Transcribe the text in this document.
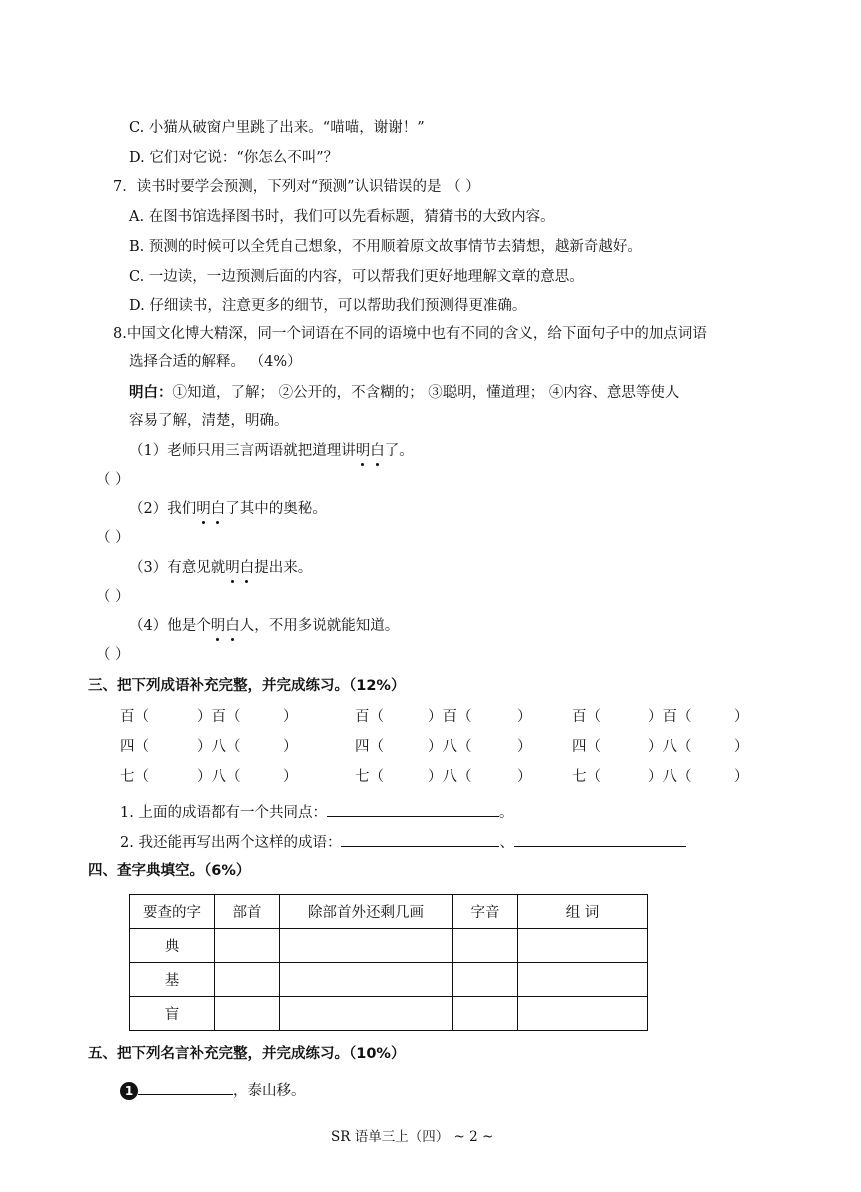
C. 小猫从破窗户里跳了出来。“喵喵，谢谢！”
D. 它们对它说：“你怎么不叫”？
7．读书时要学会预测，下列对“预测”认识错误的是 （ ）
A. 在图书馆选择图书时，我们可以先看标题，猜猜书的大致内容。
B. 预测的时候可以全凭自己想象，不用顺着原文故事情节去猜想，越新奇越好。
C. 一边读，一边预测后面的内容，可以帮我们更好地理解文章的意思。
D. 仔细读书，注意更多的细节，可以帮助我们预测得更准确。
8.中国文化博大精深，同一个词语在不同的语境中也有不同的含义，给下面句子中的加点词语
选择合适的解释。 （4%）
明白：①知道，了解； ②公开的，不含糊的； ③聪明，懂道理； ④内容、意思等使人
容易了解，清楚，明确。
（1）老师只用三言两语就把道理讲明白了。
（ ）
（2）我们明白了其中的奥秘。
（ ）
（3）有意见就明白提出来。
（ ）
（4）他是个明白人，不用多说就能知道。
（ ）
三、把下列成语补充完整，并完成练习。（12%）
百（	）百（	）	百（	）百（	）	百（	）百（	）
四（	）八（	）	四（	）八（	）	四（	）八（	）
七（	）八（	）	七（	）八（	）	七（	）八（	）
1. 上面的成语都有一个共同点：	。
2. 我还能再写出两个这样的成语：	、
四、查字典填空。（6%）
要查的字	部首	除部首外还剩几画	字音	组 词
典				
基				
盲				
五、把下列名言补充完整，并完成练习。（10%）
1	，泰山移。
SR 语单三上（四） ~ 2 ~
